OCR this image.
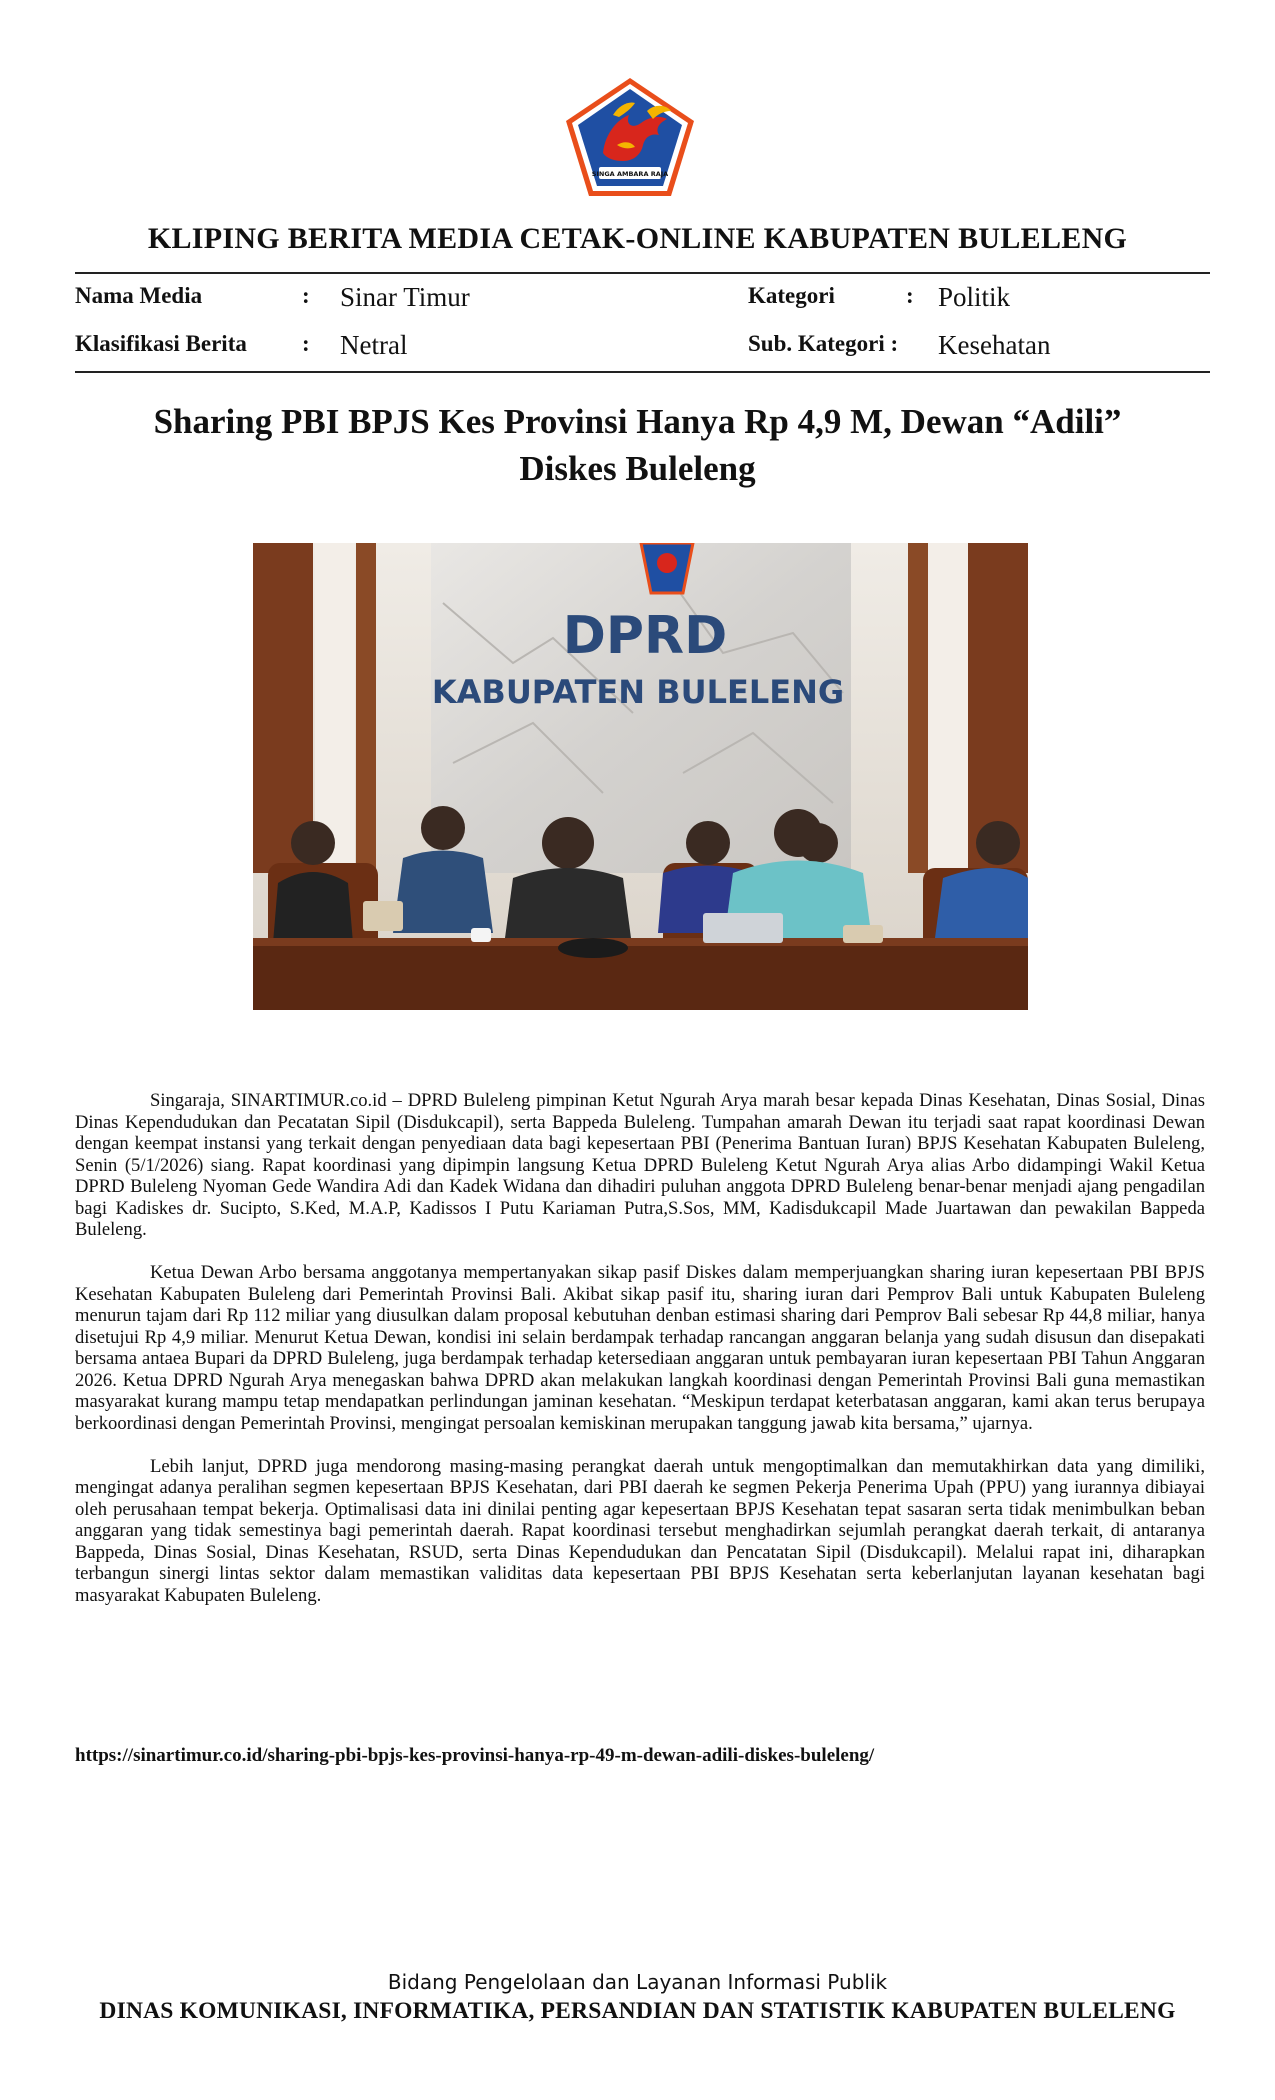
SINGA AMBARA RAJA
KLIPING BERITA MEDIA CETAK-ONLINE KABUPATEN BULELENG
Nama Media	: Sinar Timur	Kategori	: Politik
Klasifikasi Berita : Netral	Sub. Kategori : Kesehatan
Sharing PBI BPJS Kes Provinsi Hanya Rp 4,9 M, Dewan “Adili”
Diskes Buleleng
DPRD
KABUPATEN BULELENG

Singaraja, SINARTIMUR.co.id – DPRD Buleleng pimpinan Ketut Ngurah Arya marah besar kepada Dinas Kesehatan, Dinas Sosial, Dinas Dinas Kependudukan dan Pecatatan Sipil (Disdukcapil), serta Bappeda Buleleng. Tumpahan amarah Dewan itu terjadi saat rapat koordinasi Dewan dengan keempat instansi yang terkait dengan penyediaan data bagi kepesertaan PBI (Penerima Bantuan Iuran) BPJS Kesehatan Kabupaten Buleleng, Senin (5/1/2026) siang. Rapat koordinasi yang dipimpin langsung Ketua DPRD Buleleng Ketut Ngurah Arya alias Arbo didampingi Wakil Ketua DPRD Buleleng Nyoman Gede Wandira Adi dan Kadek Widana dan dihadiri puluhan anggota DPRD Buleleng benar-benar menjadi ajang pengadilan bagi Kadiskes dr. Sucipto, S.Ked, M.A.P, Kadissos I Putu Kariaman Putra,S.Sos, MM, Kadisdukcapil Made Juartawan dan pewakilan Bappeda Buleleng.

Ketua Dewan Arbo bersama anggotanya mempertanyakan sikap pasif Diskes dalam memperjuangkan sharing iuran kepesertaan PBI BPJS Kesehatan Kabupaten Buleleng dari Pemerintah Provinsi Bali. Akibat sikap pasif itu, sharing iuran dari Pemprov Bali untuk Kabupaten Buleleng menurun tajam dari Rp 112 miliar yang diusulkan dalam proposal kebutuhan denban estimasi sharing dari Pemprov Bali sebesar Rp 44,8 miliar, hanya disetujui Rp 4,9 miliar. Menurut Ketua Dewan, kondisi ini selain berdampak terhadap rancangan anggaran belanja yang sudah disusun dan disepakati bersama antaea Bupari da DPRD Buleleng, juga berdampak terhadap ketersediaan anggaran untuk pembayaran iuran kepesertaan PBI Tahun Anggaran 2026. Ketua DPRD Ngurah Arya menegaskan bahwa DPRD akan melakukan langkah koordinasi dengan Pemerintah Provinsi Bali guna memastikan masyarakat kurang mampu tetap mendapatkan perlindungan jaminan kesehatan. “Meskipun terdapat keterbatasan anggaran, kami akan terus berupaya berkoordinasi dengan Pemerintah Provinsi, mengingat persoalan kemiskinan merupakan tanggung jawab kita bersama,” ujarnya.

Lebih lanjut, DPRD juga mendorong masing-masing perangkat daerah untuk mengoptimalkan dan memutakhirkan data yang dimiliki, mengingat adanya peralihan segmen kepesertaan BPJS Kesehatan, dari PBI daerah ke segmen Pekerja Penerima Upah (PPU) yang iurannya dibiayai oleh perusahaan tempat bekerja. Optimalisasi data ini dinilai penting agar kepesertaan BPJS Kesehatan tepat sasaran serta tidak menimbulkan beban anggaran yang tidak semestinya bagi pemerintah daerah. Rapat koordinasi tersebut menghadirkan sejumlah perangkat daerah terkait, di antaranya Bappeda, Dinas Sosial, Dinas Kesehatan, RSUD, serta Dinas Kependudukan dan Pencatatan Sipil (Disdukcapil). Melalui rapat ini, diharapkan terbangun sinergi lintas sektor dalam memastikan validitas data kepesertaan PBI BPJS Kesehatan serta keberlanjutan layanan kesehatan bagi masyarakat Kabupaten Buleleng.

https://sinartimur.co.id/sharing-pbi-bpjs-kes-provinsi-hanya-rp-49-m-dewan-adili-diskes-buleleng/
Bidang Pengelolaan dan Layanan Informasi Publik
DINAS KOMUNIKASI, INFORMATIKA, PERSANDIAN DAN STATISTIK KABUPATEN BULELENG
